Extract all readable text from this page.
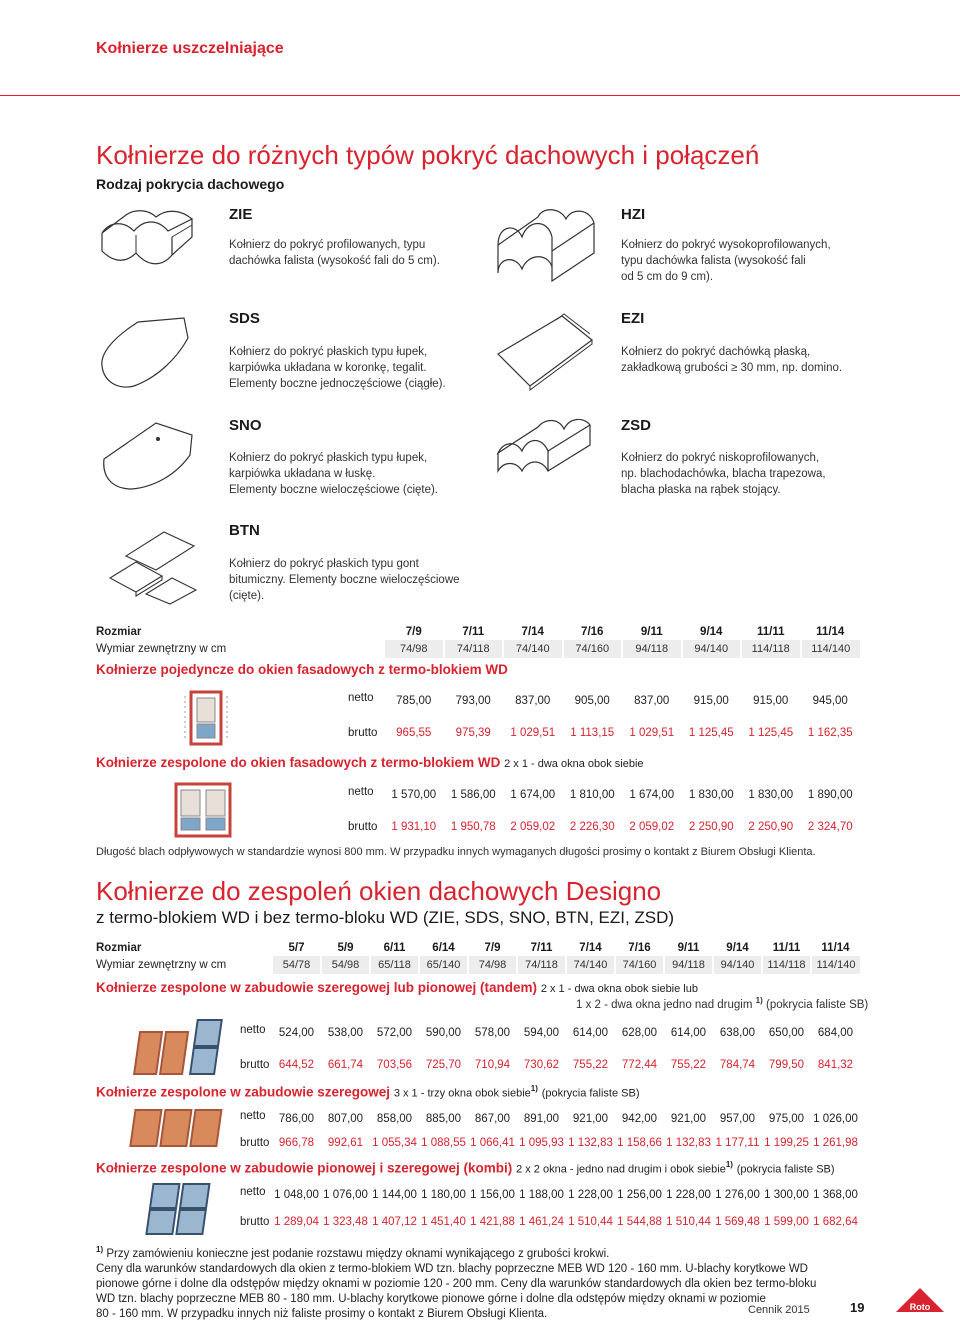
Kołnierze uszczelniające
Kołnierze do różnych typów pokryć dachowych i połączeń
Rodzaj pokrycia dachowego
ZIE
Kołnierz do pokryć profilowanych, typu
dachówka falista (wysokość fali do 5 cm).
HZI
Kołnierz do pokryć wysokoprofilowanych,
typu dachówka falista (wysokość fali
od 5 cm do 9 cm).
SDS
Kołnierz do pokryć płaskich typu łupek,
karpiówka układana w koronkę, tegalit.
Elementy boczne jednoczęściowe (ciągłe).
EZI
Kołnierz do pokryć dachówką płaską,
zakładkową grubości ≥ 30 mm, np. domino.
SNO
Kołnierz do pokryć płaskich typu łupek,
karpiówka układana w łuskę.
Elementy boczne wieloczęściowe (cięte).
ZSD
Kołnierz do pokryć niskoprofilowanych,
np. blachodachówka, blacha trapezowa,
blacha płaska na rąbek stojący.
BTN
Kołnierz do pokryć płaskich typu gont
bitumiczny. Elementy boczne wieloczęściowe
(cięte).
Rozmiar	7/9	7/11	7/14	7/16	9/11	9/14	11/11	11/14
Wymiar zewnętrzny w cm	74/98	74/118	74/140	74/160	94/118	94/140	114/118	114/140
Kołnierze pojedyncze do okien fasadowych z termo-blokiem WD
netto	785,00	793,00	837,00	905,00	837,00	915,00	915,00	945,00

brutto	965,55	975,39	1 029,51	1 113,15	1 029,51	1 125,45	1 125,45	1 162,35
Kołnierze zespolone do okien fasadowych z termo-blokiem WD 2 x 1 - dwa okna obok siebie
netto	1 570,00	1 586,00	1 674,00	1 810,00	1 674,00	1 830,00	1 830,00	1 890,00

brutto	1 931,10	1 950,78	2 059,02	2 226,30	2 059,02	2 250,90	2 250,90	2 324,70
Długość blach odpływowych w standardzie wynosi 800 mm. W przypadku innych wymaganych długości prosimy o kontakt z Biurem Obsługi Klienta.
Kołnierze do zespoleń okien dachowych Designo
z termo-blokiem WD i bez termo-bloku WD (ZIE, SDS, SNO, BTN, EZI, ZSD)
Rozmiar	5/7	5/9	6/11	6/14	7/9	7/11	7/14	7/16	9/11	9/14	11/11	11/14
Wymiar zewnętrzny w cm	54/78	54/98	65/118	65/140	74/98	74/118	74/140	74/160	94/118	94/140	114/118	114/140
Kołnierze zespolone w zabudowie szeregowej lub pionowej (tandem) 2 x 1 - dwa okna obok siebie lub
1 x 2 - dwa okna jedno nad drugim $^{1)}$ (pokrycia faliste SB)
netto	524,00	538,00	572,00	590,00	578,00	594,00	614,00	628,00	614,00	638,00	650,00	684,00

brutto	644,52	661,74	703,56	725,70	710,94	730,62	755,22	772,44	755,22	784,74	799,50	841,32
Kołnierze zespolone w zabudowie szeregowej 3 x 1 - trzy okna obok siebie$^{1)}$ (pokrycia faliste SB)
netto	786,00	807,00	858,00	885,00	867,00	891,00	921,00	942,00	921,00	957,00	975,00	1 026,00

brutto	966,78	992,61	1 055,34	1 088,55	1 066,41	1 095,93	1 132,83	1 158,66	1 132,83	1 177,11	1 199,25	1 261,98
Kołnierze zespolone w zabudowie pionowej i szeregowej (kombi) 2 x 2 okna - jedno nad drugim i obok siebie$^{1)}$ (pokrycia faliste SB)
netto	1 048,00	1 076,00	1 144,00	1 180,00	1 156,00	1 188,00	1 228,00	1 256,00	1 228,00	1 276,00	1 300,00	1 368,00

brutto	1 289,04	1 323,48	1 407,12	1 451,40	1 421,88	1 461,24	1 510,44	1 544,88	1 510,44	1 569,48	1 599,00	1 682,64
$^{1)}$ Przy zamówieniu konieczne jest podanie rozstawu między oknami wynikającego z grubości krokwi.
Ceny dla warunków standardowych dla okien z termo-blokiem WD tzn. blachy poprzeczne MEB WD 120 - 160 mm. U-blachy korytkowe WD
pionowe górne i dolne dla odstępów między oknami w poziomie 120 - 200 mm. Ceny dla warunków standardowych dla okien bez termo-bloku
WD tzn. blachy poprzeczne MEB 80 - 180 mm. U-blachy korytkowe pionowe górne i dolne dla odstępów między oknami w poziomie
80 - 160 mm. W przypadku innych niż faliste prosimy o kontakt z Biurem Obsługi Klienta.	Cennik 2015	19	Roto
